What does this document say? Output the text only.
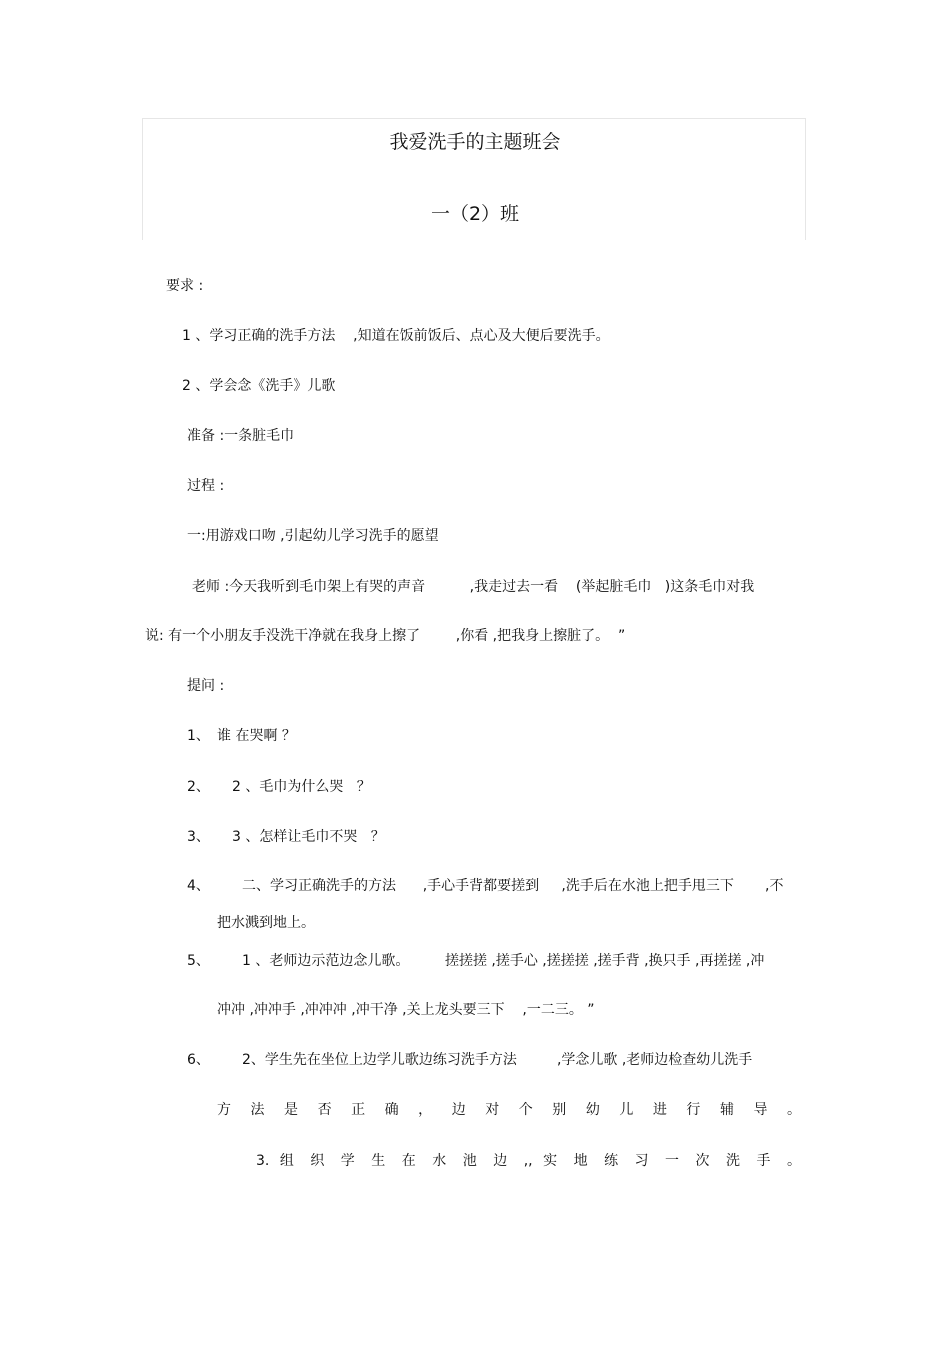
我爱洗手的主题班会
一（2）班
要求 :
1 、学习正确的洗手方法    ,知道在饭前饭后、点心及大便后要洗手。
2 、学会念《洗手》儿歌
准备 :一条脏毛巾
过程 :
一:用游戏口吻 ,引起幼儿学习洗手的愿望
老师 :今天我听到毛巾架上有哭的声音          ,我走过去一看    (举起脏毛巾   )这条毛巾对我
说: 有一个小朋友手没洗干净就在我身上擦了        ,你看 ,把我身上擦脏了。  ”
提问 :
1、 谁 在哭啊 ？
2、 2 、毛巾为什么哭   ？
3、 3 、怎样让毛巾不哭   ？
4、 二、学习正确洗手的方法      ,手心手背都要搓到     ,洗手后在水池上把手甩三下       ,不
把水溅到地上。
5、 1 、老师边示范边念儿歌。        搓搓搓 ,搓手心 ,搓搓搓 ,搓手背 ,换只手 ,再搓搓 ,冲
冲冲 ,冲冲手 ,冲冲冲 ,冲干净 ,关上龙头要三下    ,一二三。 ”
6、 2、学生先在坐位上边学儿歌边练习洗手方法         ,学念儿歌 ,老师边检查幼儿洗手
方 法 是 否 正 确 ， 边 对 个 别 幼 儿 进 行 辅 导 。
3. 组 织 学 生 在 水 池 边 ,, 实 地 练 习 一 次 洗 手 。
